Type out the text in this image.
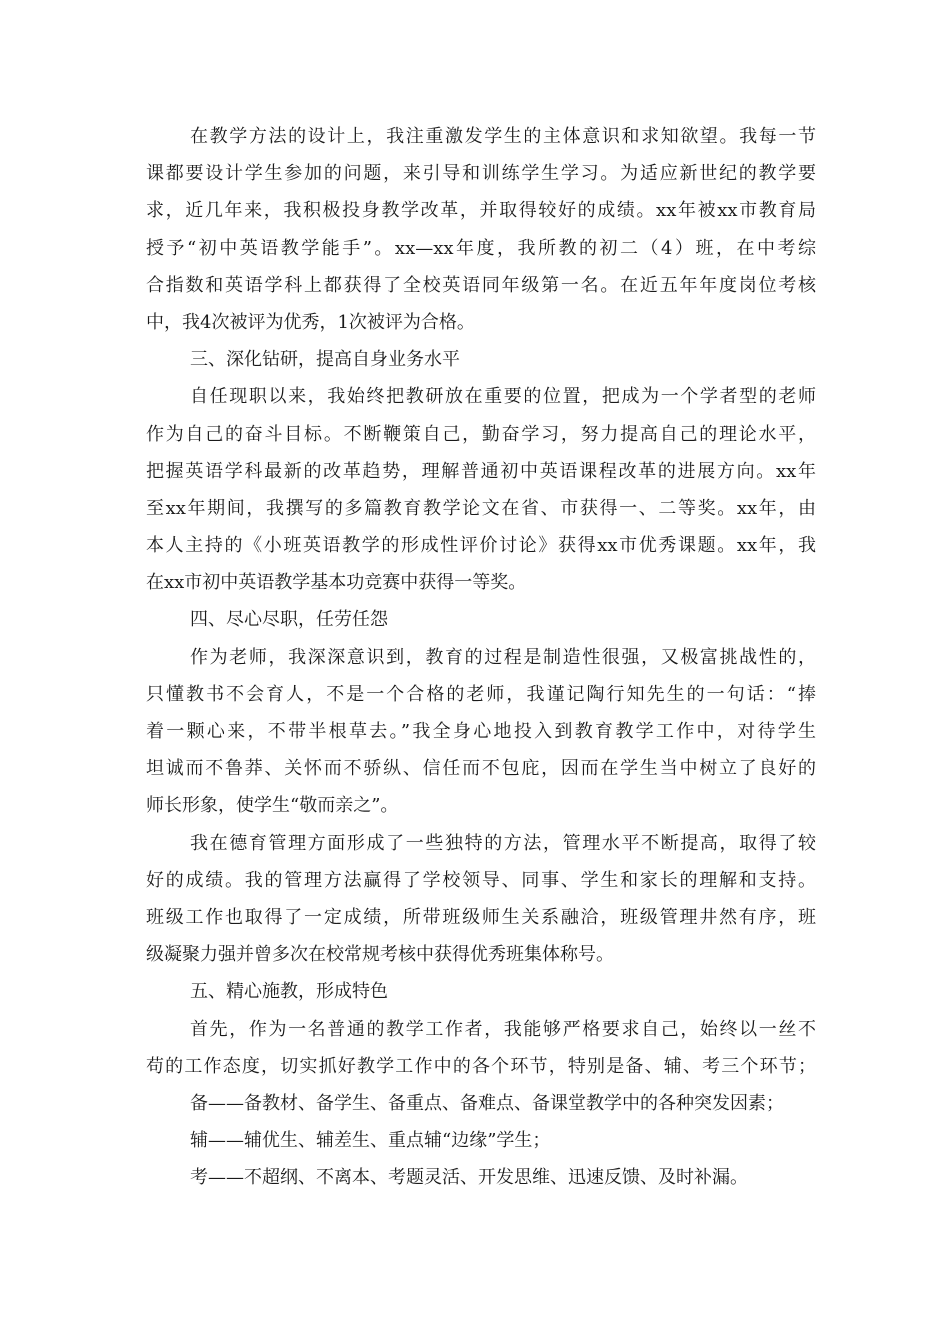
在教学方法的设计上，我注重激发学生的主体意识和求知欲望。我每一节
课都要设计学生参加的问题，来引导和训练学生学习。为适应新世纪的教学要
求，近几年来，我积极投身教学改革，并取得较好的成绩。xx年被xx市教育局
授予“初中英语教学能手”。xx—xx年度，我所教的初二（4）班，在中考综
合指数和英语学科上都获得了全校英语同年级第一名。在近五年年度岗位考核
中，我4次被评为优秀，1次被评为合格。
三、深化钻研，提高自身业务水平
自任现职以来，我始终把教研放在重要的位置，把成为一个学者型的老师
作为自己的奋斗目标。不断鞭策自己，勤奋学习，努力提高自己的理论水平，
把握英语学科最新的改革趋势，理解普通初中英语课程改革的进展方向。xx年
至xx年期间，我撰写的多篇教育教学论文在省、市获得一、二等奖。xx年，由
本人主持的《小班英语教学的形成性评价讨论》获得xx市优秀课题。xx年，我
在xx市初中英语教学基本功竞赛中获得一等奖。
四、尽心尽职，任劳任怨
作为老师，我深深意识到，教育的过程是制造性很强，又极富挑战性的，
只懂教书不会育人，不是一个合格的老师，我谨记陶行知先生的一句话：“捧
着一颗心来，不带半根草去。”我全身心地投入到教育教学工作中，对待学生
坦诚而不鲁莽、关怀而不骄纵、信任而不包庇，因而在学生当中树立了良好的
师长形象，使学生“敬而亲之”。
我在德育管理方面形成了一些独特的方法，管理水平不断提高，取得了较
好的成绩。我的管理方法赢得了学校领导、同事、学生和家长的理解和支持。
班级工作也取得了一定成绩，所带班级师生关系融洽，班级管理井然有序，班
级凝聚力强并曾多次在校常规考核中获得优秀班集体称号。
五、精心施教，形成特色
首先，作为一名普通的教学工作者，我能够严格要求自己，始终以一丝不
苟的工作态度，切实抓好教学工作中的各个环节，特别是备、辅、考三个环节；
备——备教材、备学生、备重点、备难点、备课堂教学中的各种突发因素；
辅——辅优生、辅差生、重点辅“边缘”学生；
考——不超纲、不离本、考题灵活、开发思维、迅速反馈、及时补漏。
